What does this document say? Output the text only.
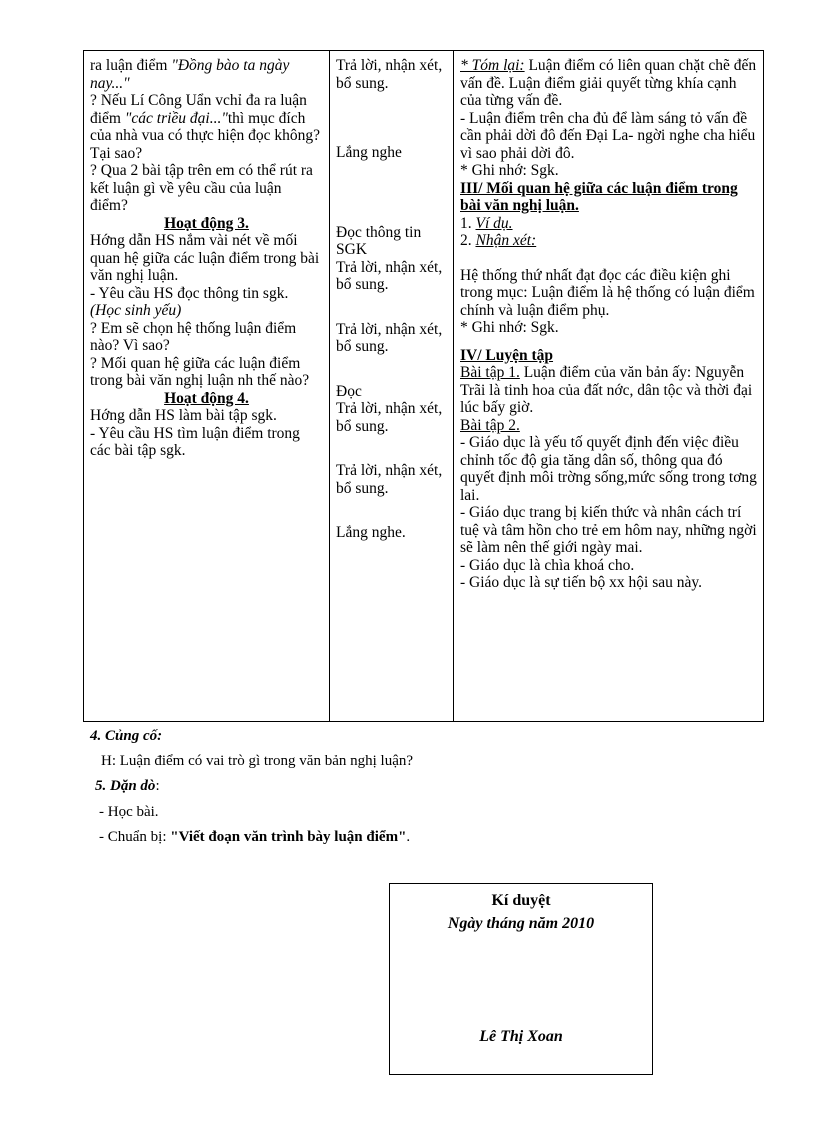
ra luận điểm "Đồng bào ta ngày nay..."
? Nếu Lí Công Uẩn vchỉ đa ra luận điểm "các triều đại..."thì mục đích của nhà vua có thực hiện đọc không? Tại sao?
? Qua 2 bài tập trên em có thể rút ra kết luận gì về yêu cầu của luận điểm?
Hoạt động 3.
Hớng dẫn HS nắm vài nét về mối quan hệ giữa các luận điểm trong bài văn nghị luận.
- Yêu cầu HS đọc thông tin sgk. (Học sinh yếu)
? Em sẽ chọn hệ thống luận điểm nào? Vì sao?
? Mối quan hệ giữa các luận điểm trong bài văn nghị luận nh thế nào?
Hoạt động 4.
Hớng dẫn HS làm bài tập sgk.
- Yêu cầu HS tìm luận điểm trong các bài tập sgk.

Trả lời, nhận xét, bổ sung.
Lắng nghe
Đọc thông tin SGK
Trả lời, nhận xét, bổ sung.
Trả lời, nhận xét, bổ sung.
Đọc
Trả lời, nhận xét, bổ sung.
Trả lời, nhận xét, bổ sung.
Lắng nghe.

* Tóm lại: Luận điểm có liên quan chặt chẽ đến vấn đề. Luận điểm giải quyết từng khía cạnh của từng vấn đề.
- Luận điểm trên cha đủ để làm sáng tỏ vấn đề cần phải dời đô đến Đại La- ngời nghe cha hiểu vì sao phải dời đô.
* Ghi nhớ: Sgk.
III/ Mối quan hệ giữa các luận điểm trong bài văn nghị luận.
1. Ví dụ.
2. Nhận xét:
Hệ thống thứ nhất đạt đọc các điều kiện ghi trong mục: Luận điểm là hệ thống có luận điểm chính và luận điểm phụ.
* Ghi nhớ: Sgk.
IV/ Luyện tập
Bài tập 1. Luận điểm của văn bản ấy: Nguyễn Trãi là tinh hoa của đất nớc, dân tộc và thời đại lúc bấy giờ.
Bài tập 2.
- Giáo dục là yếu tố quyết định đến việc điều chỉnh tốc độ gia tăng dân số, thông qua đó quyết định môi trờng sống,mức sống trong tơng lai.
- Giáo dục trang bị kiến thức và nhân cách trí tuệ và tâm hồn cho trẻ em hôm nay, những ngời sẽ làm nên thế giới ngày mai.
- Giáo dục là chìa khoá cho.
- Giáo dục là sự tiến bộ xx hội sau này.
4. Củng cố:
H: Luận điểm có vai trò gì trong văn bản nghị luận?
5. Dặn dò:
- Học bài.
- Chuẩn bị: "Viết đoạn văn trình bày luận điểm".
Kí duyệt
Ngày tháng năm 2010
Lê Thị Xoan
